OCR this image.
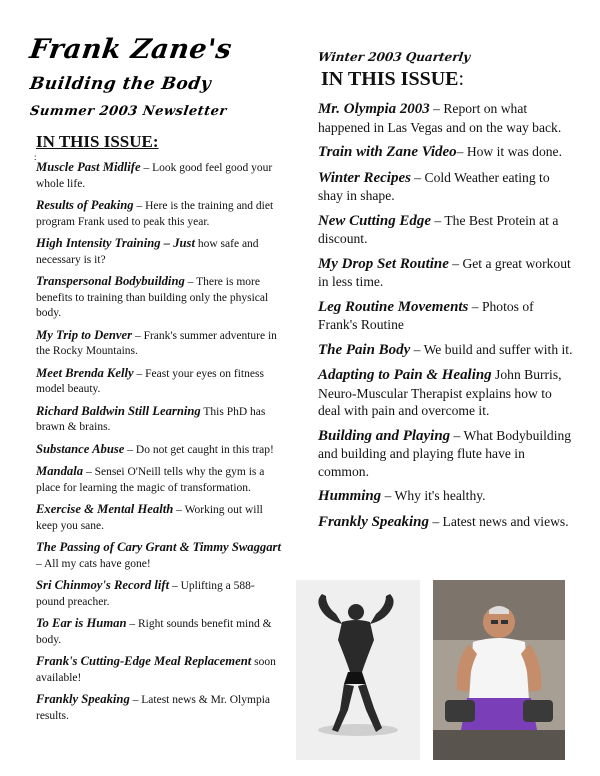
Frank Zane's
Building the Body
Summer 2003 Newsletter
Winter 2003 Quarterly
IN THIS ISSUE:
:
IN THIS ISSUE:

Muscle Past Midlife – Look good feel good your whole life.

Results of Peaking – Here is the training and diet program Frank used to peak this year.

High Intensity Training – Just how safe and necessary is it?

Transpersonal Bodybuilding – There is more benefits to training than building only the physical body.

My Trip to Denver – Frank's summer adventure in the Rocky Mountains.

Meet Brenda Kelly – Feast your eyes on fitness model beauty.

Richard Baldwin Still Learning This PhD has brawn & brains.

Substance Abuse – Do not get caught in this trap!

Mandala – Sensei O'Neill tells why the gym is a place for learning the magic of transformation.

Exercise & Mental Health – Working out will keep you sane.

The Passing of Cary Grant & Timmy Swaggart – All my cats have gone!

Sri Chinmoy's Record lift – Uplifting a 588-pound preacher.

To Ear is Human – Right sounds benefit mind & body.

Frank's Cutting-Edge Meal Replacement soon available!

Frankly Speaking – Latest news & Mr. Olympia results.

Mr. Olympia 2003 – Report on what happened in Las Vegas and on the way back.

Train with Zane Video– How it was done.

Winter Recipes – Cold Weather eating to shay in shape.

New Cutting Edge – The Best Protein at a discount.

My Drop Set Routine – Get a great workout in less time.

Leg Routine Movements – Photos of Frank's Routine

The Pain Body – We build and suffer with it.

Adapting to Pain & Healing John Burris, Neuro-Muscular Therapist explains how to deal with pain and overcome it.

Building and Playing – What Bodybuilding and building and playing flute have in common.

Humming – Why it's healthy.

Frankly Speaking – Latest news and views.
